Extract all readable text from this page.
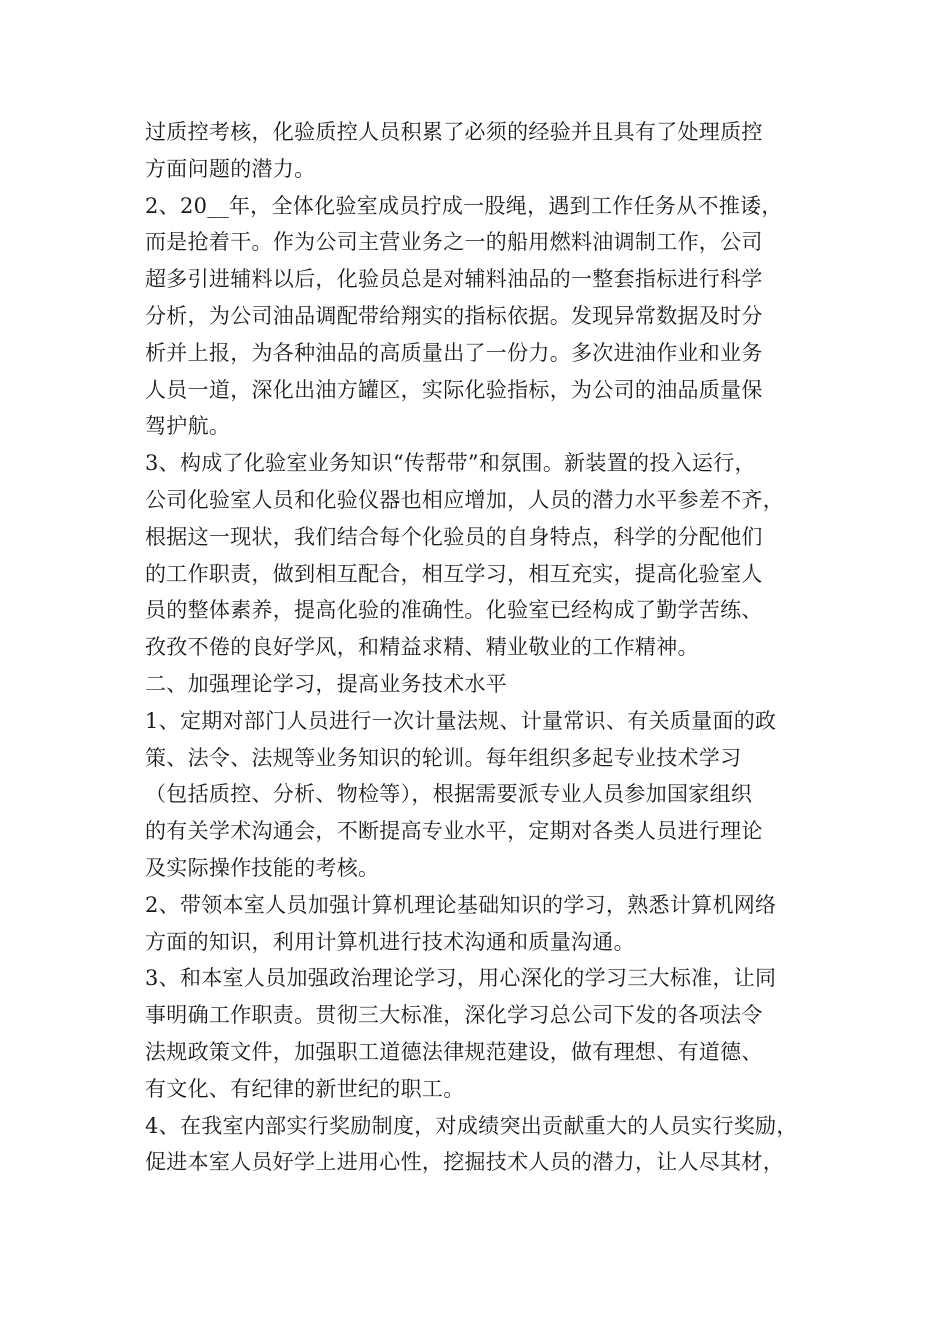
过质控考核，化验质控人员积累了必须的经验并且具有了处理质控
方面问题的潜力。
2、20__年，全体化验室成员拧成一股绳，遇到工作任务从不推诿，
而是抢着干。作为公司主营业务之一的船用燃料油调制工作，公司
超多引进辅料以后，化验员总是对辅料油品的一整套指标进行科学
分析，为公司油品调配带给翔实的指标依据。发现异常数据及时分
析并上报，为各种油品的高质量出了一份力。多次进油作业和业务
人员一道，深化出油方罐区，实际化验指标，为公司的油品质量保
驾护航。
3、构成了化验室业务知识“传帮带”和氛围。新装置的投入运行，
公司化验室人员和化验仪器也相应增加，人员的潜力水平参差不齐，
根据这一现状，我们结合每个化验员的自身特点，科学的分配他们
的工作职责，做到相互配合，相互学习，相互充实，提高化验室人
员的整体素养，提高化验的准确性。化验室已经构成了勤学苦练、
孜孜不倦的良好学风，和精益求精、精业敬业的工作精神。
二、加强理论学习，提高业务技术水平
1、定期对部门人员进行一次计量法规、计量常识、有关质量面的政
策、法令、法规等业务知识的轮训。每年组织多起专业技术学习
（包括质控、分析、物检等），根据需要派专业人员参加国家组织
的有关学术沟通会，不断提高专业水平，定期对各类人员进行理论
及实际操作技能的考核。
2、带领本室人员加强计算机理论基础知识的学习，熟悉计算机网络
方面的知识，利用计算机进行技术沟通和质量沟通。
3、和本室人员加强政治理论学习，用心深化的学习三大标准，让同
事明确工作职责。贯彻三大标准，深化学习总公司下发的各项法令
法规政策文件，加强职工道德法律规范建设，做有理想、有道德、
有文化、有纪律的新世纪的职工。
4、在我室内部实行奖励制度，对成绩突出贡献重大的人员实行奖励，
促进本室人员好学上进用心性，挖掘技术人员的潜力，让人尽其材，
